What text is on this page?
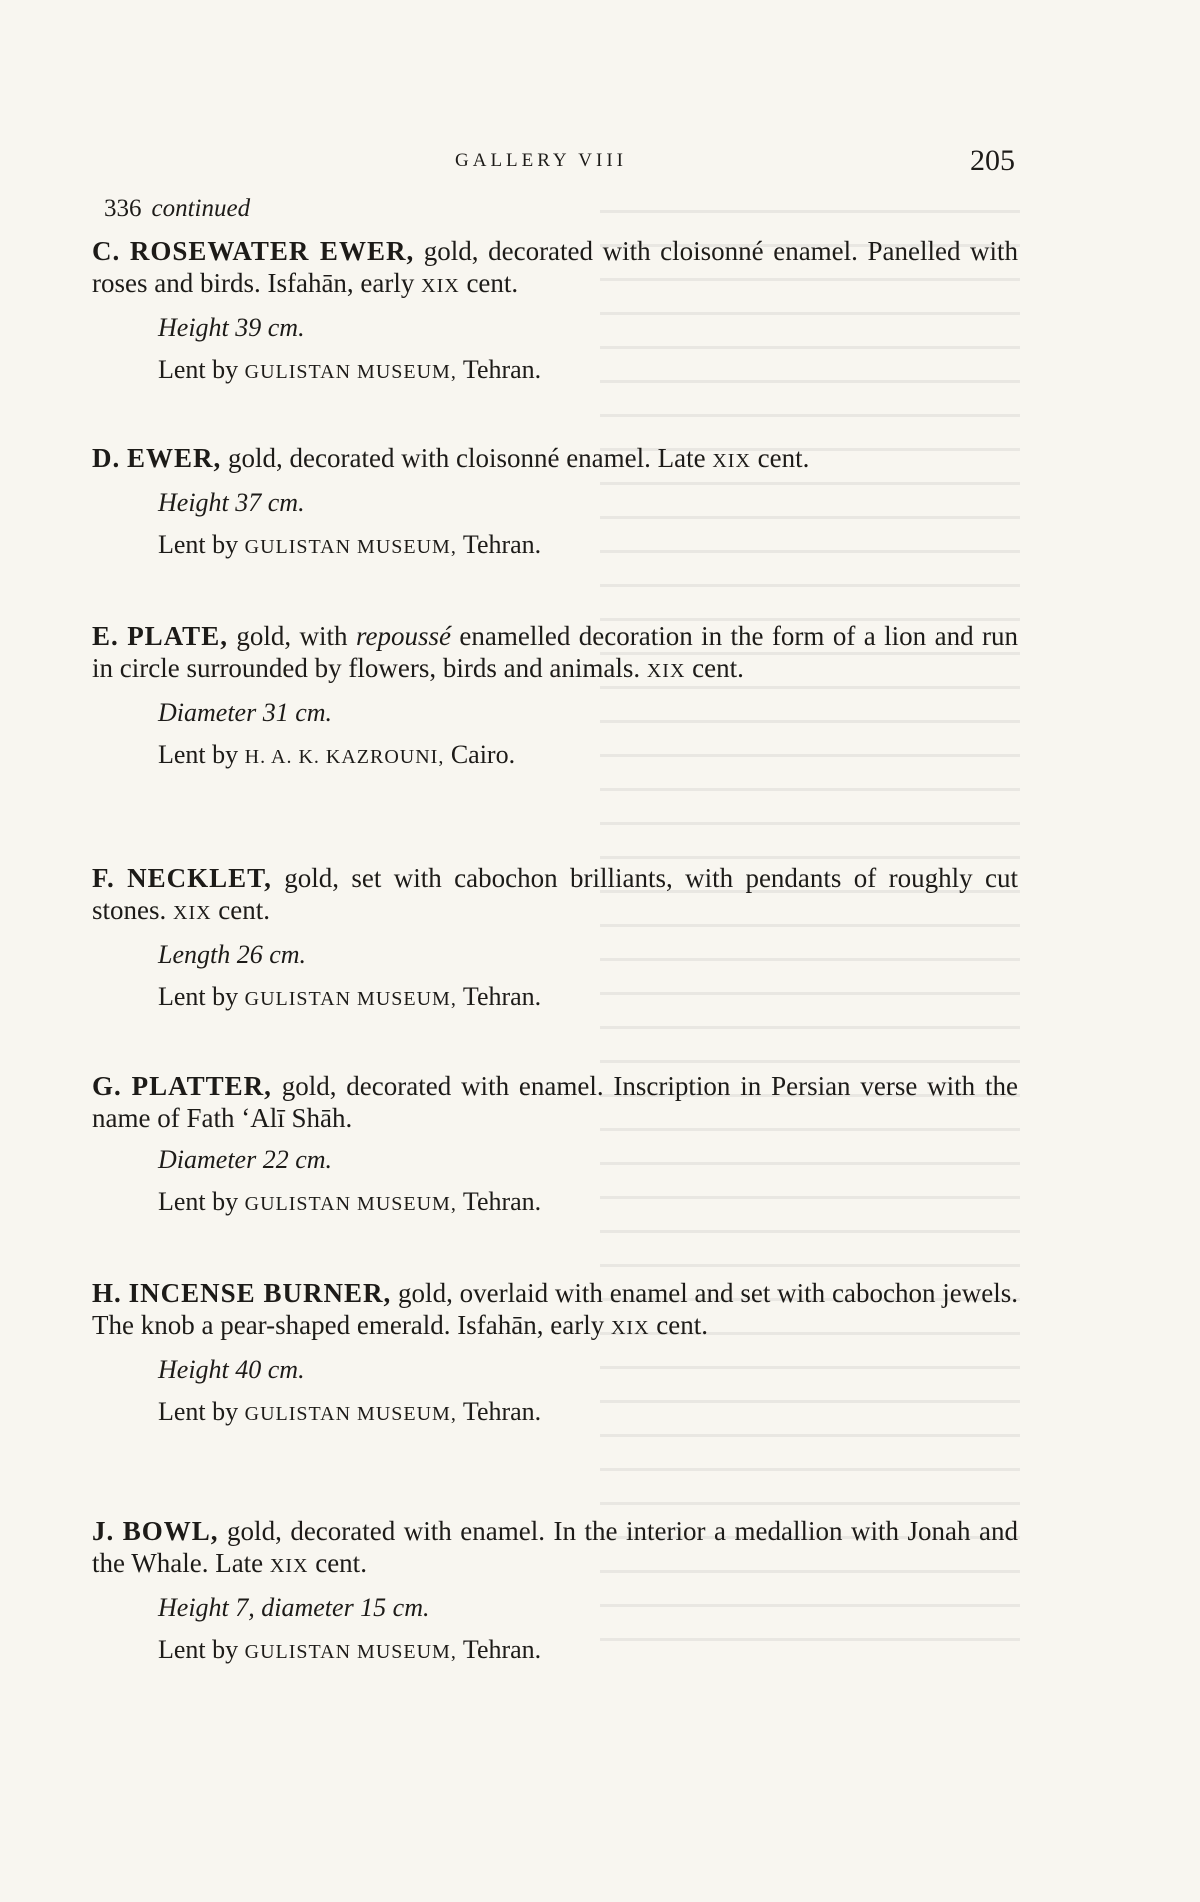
GALLERY VIII	205
336 continued

C. ROSEWATER EWER, gold, decorated with cloisonné enamel. Panelled with roses and birds. Isfahān, early XIX cent.

Height 39 cm.
Lent by GULISTAN MUSEUM, Tehran.

D. EWER, gold, decorated with cloisonné enamel. Late XIX cent.

Height 37 cm.
Lent by GULISTAN MUSEUM, Tehran.

E. PLATE, gold, with repoussé enamelled decoration in the form of a lion and run in circle surrounded by flowers, birds and animals. XIX cent.

Diameter 31 cm.
Lent by H. A. K. KAZROUNI, Cairo.

F. NECKLET, gold, set with cabochon brilliants, with pendants of roughly cut stones. XIX cent.

Length 26 cm.
Lent by GULISTAN MUSEUM, Tehran.

G. PLATTER, gold, decorated with enamel. Inscription in Persian verse with the name of Fath ‘Alī Shāh.

Diameter 22 cm.
Lent by GULISTAN MUSEUM, Tehran.

H. INCENSE BURNER, gold, overlaid with enamel and set with cabochon jewels. The knob a pear-shaped emerald. Isfahān, early XIX cent.

Height 40 cm.
Lent by GULISTAN MUSEUM, Tehran.

J. BOWL, gold, decorated with enamel. In the interior a medallion with Jonah and the Whale. Late XIX cent.

Height 7, diameter 15 cm.
Lent by GULISTAN MUSEUM, Tehran.
